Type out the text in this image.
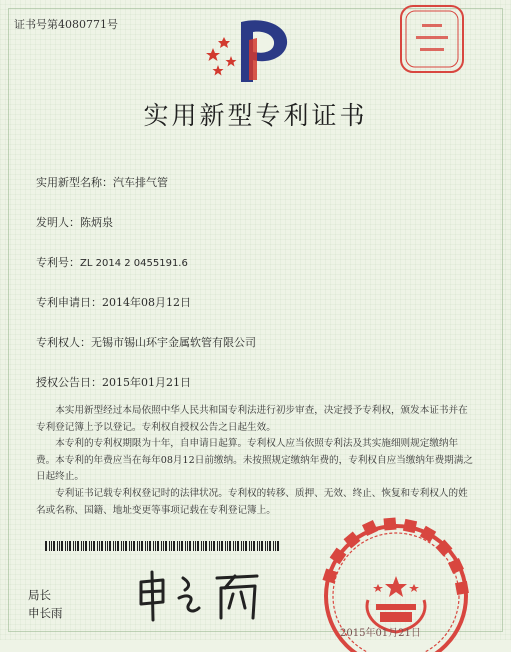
证书号第4080771号
实用新型专利证书
实用新型名称：汽车排气管
发明人：陈炳泉
专利号：ZL 2014 2 0455191.6
专利申请日：2014年08月12日
专利权人：无锡市锡山环宇金属软管有限公司
授权公告日：2015年01月21日
本实用新型经过本局依照中华人民共和国专利法进行初步审查，决定授予专利权，颁发本证书并在专利登记簿上予以登记。专利权自授权公告之日起生效。
本专利的专利权期限为十年，自申请日起算。专利权人应当依照专利法及其实施细则规定缴纳年费。本专利的年费应当在每年08月12日前缴纳。未按照规定缴纳年费的，专利权自应当缴纳年费期满之日起终止。
专利证书记载专利权登记时的法律状况。专利权的转移、质押、无效、终止、恢复和专利权人的姓名或名称、国籍、地址变更等事项记载在专利登记簿上。
局长
申长雨
2015年01月21日
